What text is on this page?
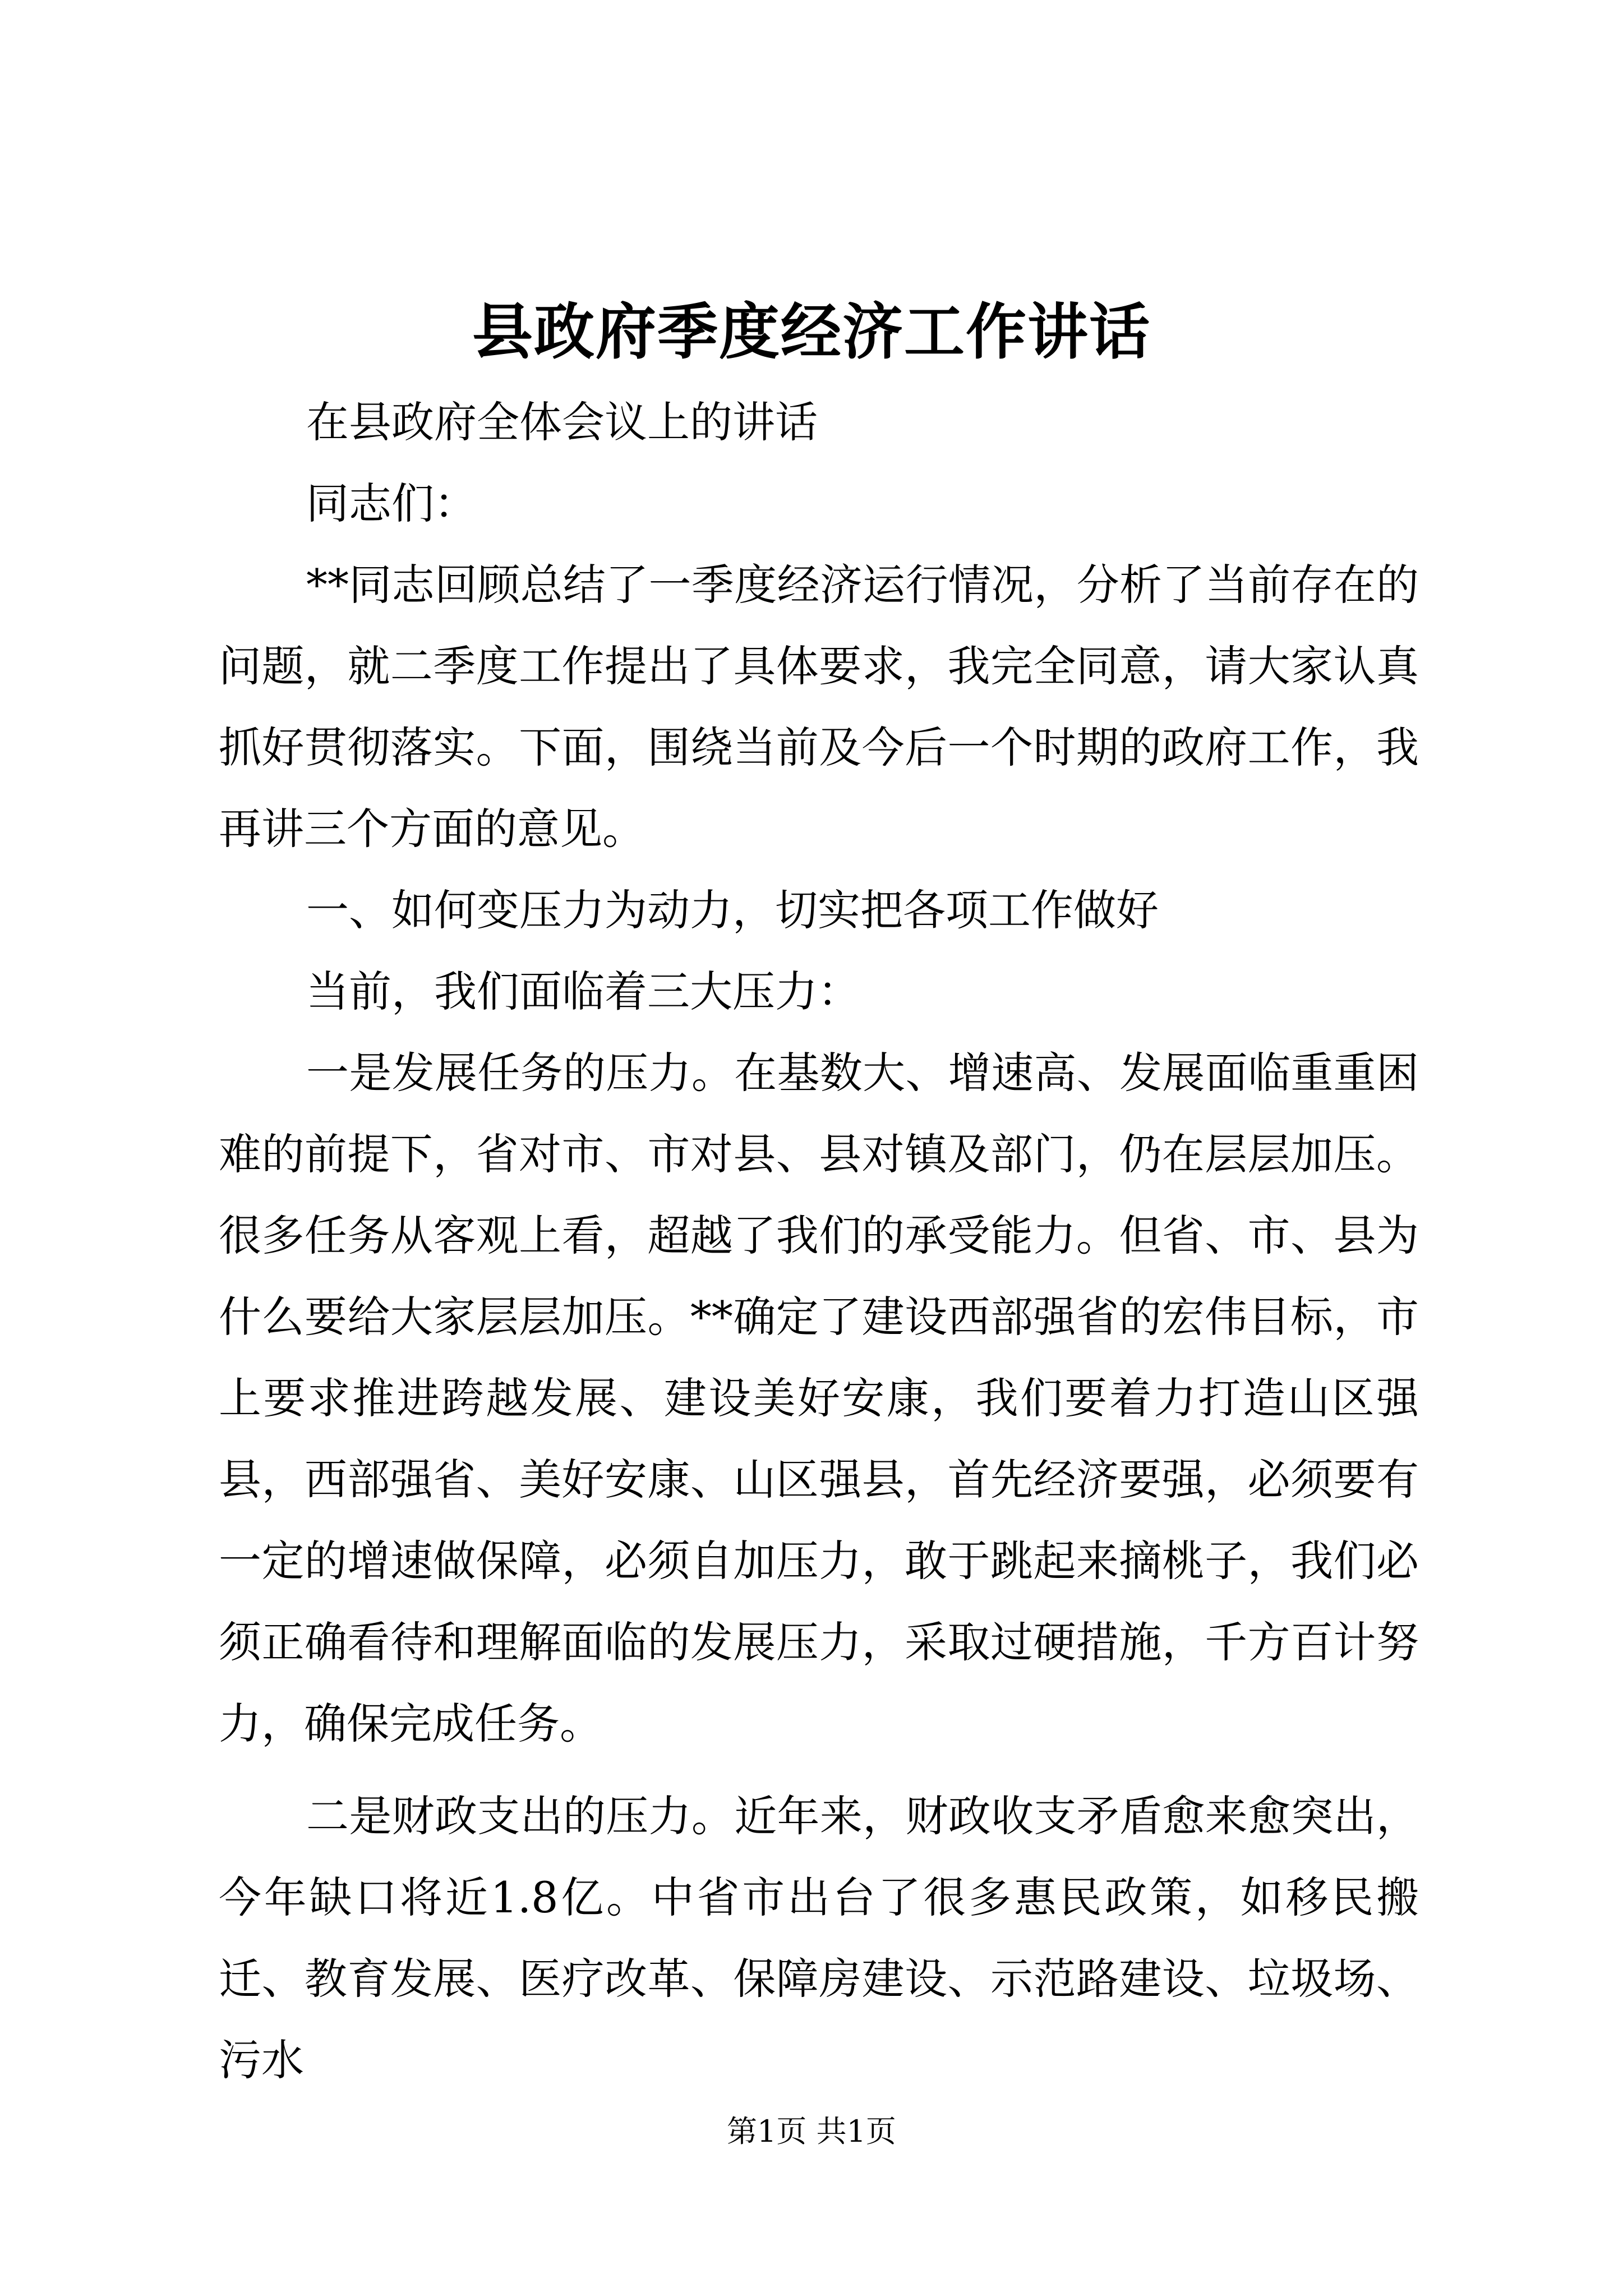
县政府季度经济工作讲话

在县政府全体会议上的讲话

同志们：

**同志回顾总结了一季度经济运行情况，分析了当前存在的问题，就二季度工作提出了具体要求，我完全同意，请大家认真抓好贯彻落实。下面，围绕当前及今后一个时期的政府工作，我再讲三个方面的意见。

一、如何变压力为动力，切实把各项工作做好

当前，我们面临着三大压力：

一是发展任务的压力。在基数大、增速高、发展面临重重困难的前提下，省对市、市对县、县对镇及部门，仍在层层加压。很多任务从客观上看，超越了我们的承受能力。但省、市、县为什么要给大家层层加压。**确定了建设西部强省的宏伟目标，市上要求推进跨越发展、建设美好安康，我们要着力打造山区强县，西部强省、美好安康、山区强县，首先经济要强，必须要有一定的增速做保障，必须自加压力，敢于跳起来摘桃子，我们必须正确看待和理解面临的发展压力，采取过硬措施，千方百计努力，确保完成任务。

二是财政支出的压力。近年来，财政收支矛盾愈来愈突出，今年缺口将近1.8亿。中省市出台了很多惠民政策，如移民搬迁、教育发展、医疗改革、保障房建设、示范路建设、垃圾场、污水

第1页 共1页
